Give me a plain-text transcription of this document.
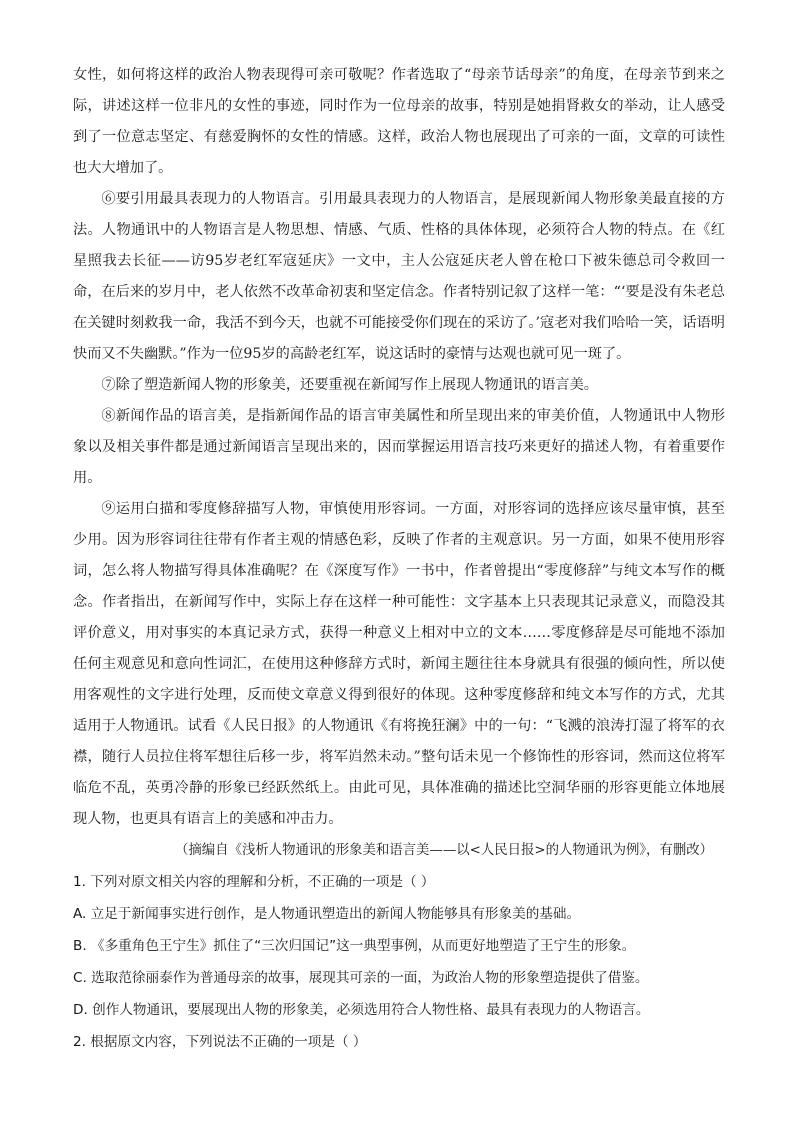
女性，如何将这样的政治人物表现得可亲可敬呢？作者选取了“母亲节话母亲”的角度，在母亲节到来之际，讲述这样一位非凡的女性的事迹，同时作为一位母亲的故事，特别是她捐肾救女的举动，让人感受到了一位意志坚定、有慈爱胸怀的女性的情感。这样，政治人物也展现出了可亲的一面，文章的可读性也大大增加了。

⑥要引用最具表现力的人物语言。引用最具表现力的人物语言，是展现新闻人物形象美最直接的方法。人物通讯中的人物语言是人物思想、情感、气质、性格的具体体现，必须符合人物的特点。在《红星照我去长征——访95岁老红军寇延庆》一文中，主人公寇延庆老人曾在枪口下被朱德总司令救回一命，在后来的岁月中，老人依然不改革命初衷和坚定信念。作者特别记叙了这样一笔：“‘要是没有朱老总在关键时刻救我一命，我活不到今天，也就不可能接受你们现在的采访了。’寇老对我们哈哈一笑，话语明快而又不失幽默。”作为一位95岁的高龄老红军，说这话时的豪情与达观也就可见一斑了。

⑦除了塑造新闻人物的形象美，还要重视在新闻写作上展现人物通讯的语言美。

⑧新闻作品的语言美，是指新闻作品的语言审美属性和所呈现出来的审美价值，人物通讯中人物形象以及相关事件都是通过新闻语言呈现出来的，因而掌握运用语言技巧来更好的描述人物，有着重要作用。

⑨运用白描和零度修辞描写人物，审慎使用形容词。一方面，对形容词的选择应该尽量审慎，甚至少用。因为形容词往往带有作者主观的情感色彩，反映了作者的主观意识。另一方面，如果不使用形容词，怎么将人物描写得具体准确呢？在《深度写作》一书中，作者曾提出“零度修辞”与纯文本写作的概念。作者指出，在新闻写作中，实际上存在这样一种可能性：文字基本上只表现其记录意义，而隐没其评价意义，用对事实的本真记录方式，获得一种意义上相对中立的文本……零度修辞是尽可能地不添加任何主观意见和意向性词汇，在使用这种修辞方式时，新闻主题往往本身就具有很强的倾向性，所以使用客观性的文字进行处理，反而使文章意义得到很好的体现。这种零度修辞和纯文本写作的方式，尤其适用于人物通讯。试看《人民日报》的人物通讯《有将挽狂澜》中的一句：“飞溅的浪涛打湿了将军的衣襟，随行人员拉住将军想往后移一步，将军岿然未动。”整句话未见一个修饰性的形容词，然而这位将军临危不乱，英勇冷静的形象已经跃然纸上。由此可见，具体准确的描述比空洞华丽的形容更能立体地展现人物，也更具有语言上的美感和冲击力。

（摘编自《浅析人物通讯的形象美和语言美——以<人民日报>的人物通讯为例》，有删改）

1. 下列对原文相关内容的理解和分析，不正确的一项是（ ）

A. 立足于新闻事实进行创作，是人物通讯塑造出的新闻人物能够具有形象美的基础。

B. 《多重角色王宁生》抓住了“三次归国记”这一典型事例，从而更好地塑造了王宁生的形象。

C. 选取范徐丽泰作为普通母亲的故事，展现其可亲的一面，为政治人物的形象塑造提供了借鉴。

D. 创作人物通讯，要展现出人物的形象美，必须选用符合人物性格、最具有表现力的人物语言。

2. 根据原文内容，下列说法不正确的一项是（ ）
